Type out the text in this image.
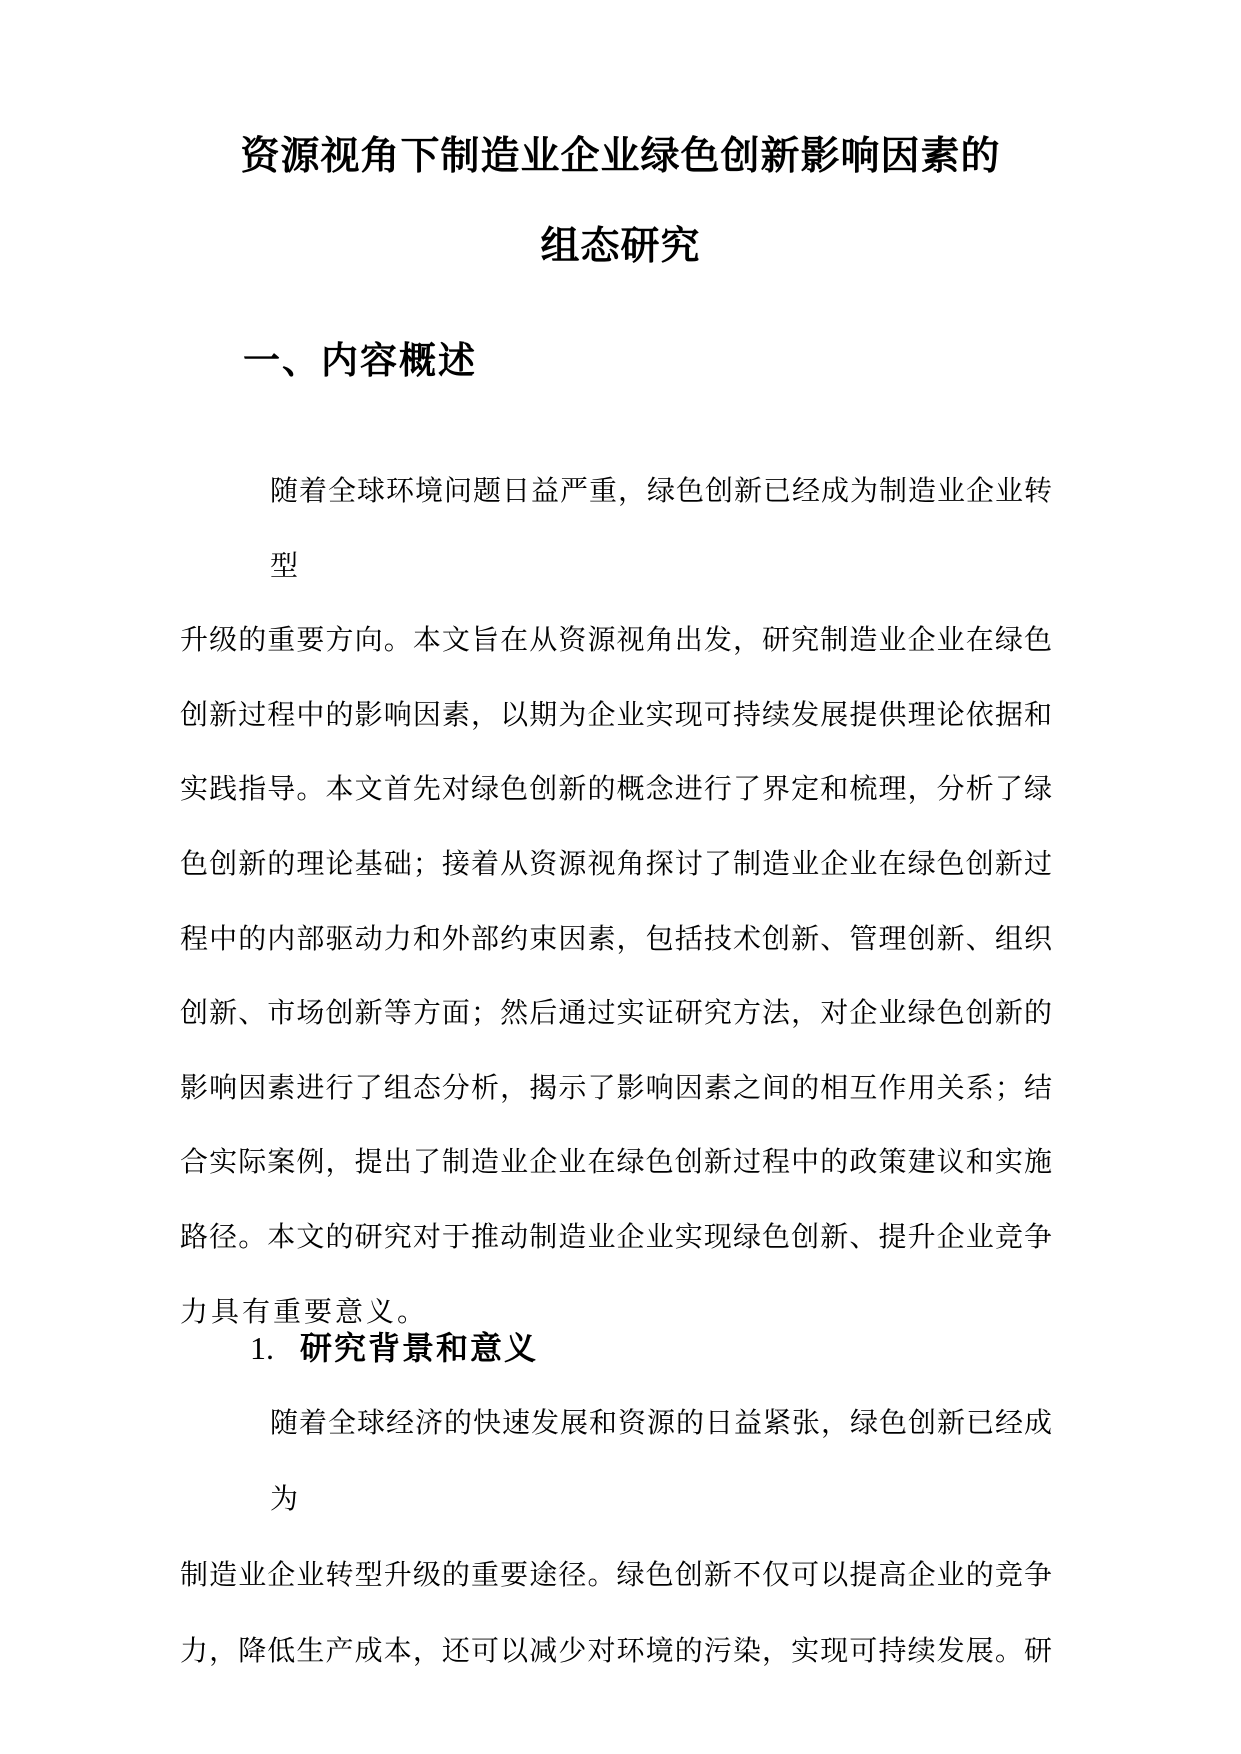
资源视角下制造业企业绿色创新影响因素的
组态研究
一、内容概述
随着全球环境问题日益严重，绿色创新已经成为制造业企业转型
升级的重要方向。本文旨在从资源视角出发，研究制造业企业在绿色
创新过程中的影响因素，以期为企业实现可持续发展提供理论依据和
实践指导。本文首先对绿色创新的概念进行了界定和梳理，分析了绿
色创新的理论基础；接着从资源视角探讨了制造业企业在绿色创新过
程中的内部驱动力和外部约束因素，包括技术创新、管理创新、组织
创新、市场创新等方面；然后通过实证研究方法，对企业绿色创新的
影响因素进行了组态分析，揭示了影响因素之间的相互作用关系；结
合实际案例，提出了制造业企业在绿色创新过程中的政策建议和实施
路径。本文的研究对于推动制造业企业实现绿色创新、提升企业竞争
力具有重要意义。
1. 研究背景和意义
随着全球经济的快速发展和资源的日益紧张，绿色创新已经成为
制造业企业转型升级的重要途径。绿色创新不仅可以提高企业的竞争
力，降低生产成本，还可以减少对环境的污染，实现可持续发展。研
